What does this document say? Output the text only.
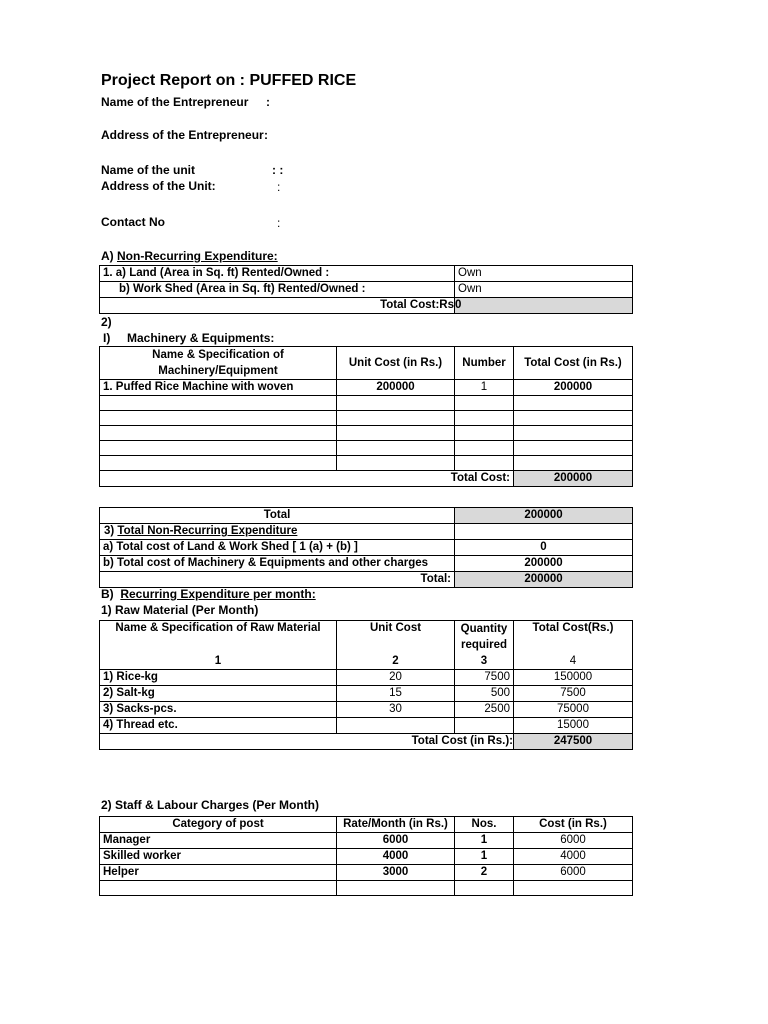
Project Report on : PUFFED RICE
Name of the Entrepreneur :
Address of the Entrepreneur :
Name of the unit	: :
Address of the Unit:	:
Contact No	:
A) Non-Recurring Expenditure:
1. a) Land (Area in Sq. ft) Rented/Owned :	Own
b) Work Shed (Area in Sq. ft) Rented/Owned :	Own
Total Cost:Rs	0
2)
I)     Machinery & Equipments:
Name & Specification of Machinery/Equipment	Unit Cost (in Rs.)	Number	Total Cost (in Rs.)
1. Puffed Rice Machine with woven	200000	1	200000

Total Cost:			200000
Total	200000
3) Total Non-Recurring Expenditure	
a) Total cost of Land & Work Shed [ 1 (a) + (b) ]	0
b) Total cost of Machinery & Equipments and other charges	200000
Total:	200000
B)  Recurring Expenditure per month:
1) Raw Material (Per Month)
Name & Specification of Raw Material	Unit Cost	Quantity required	Total Cost(Rs.)
1	2	3	4
1) Rice-kg	20	7500	150000
2) Salt-kg	15	500	7500
3) Sacks-pcs.	30	2500	75000
4) Thread etc.			15000
Total Cost (in Rs.):			247500
2) Staff & Labour Charges (Per Month)
Category of post	Rate/Month (in Rs.)	Nos.	Cost (in Rs.)
Manager	6000	1	6000
Skilled worker	4000	1	4000
Helper	3000	2	6000
